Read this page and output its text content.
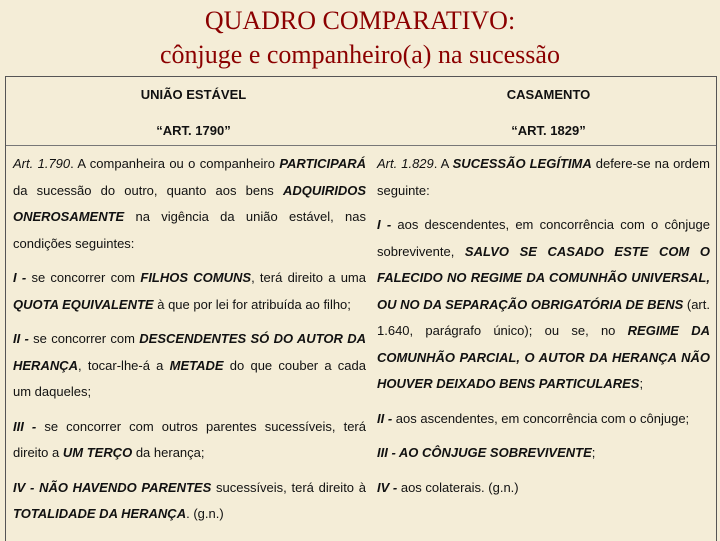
QUADRO COMPARATIVO:
cônjuge e companheiro(a) na sucessão
UNIÃO ESTÁVEL	CASAMENTO
“ART. 1790”	“ART. 1829”

Art. 1.790. A companheira ou o companheiro PARTICIPARÁ da sucessão do outro, quanto aos bens ADQUIRIDOS ONEROSAMENTE na vigência da união estável, nas condições seguintes:

I - se concorrer com FILHOS COMUNS, terá direito a uma QUOTA EQUIVALENTE à que por lei for atribuída ao filho;

II - se concorrer com DESCENDENTES SÓ DO AUTOR DA HERANÇA, tocar-lhe-á a METADE do que couber a cada um daqueles;

III - se concorrer com outros parentes sucessíveis, terá direito a UM TERÇO da herança;

IV - NÃO HAVENDO PARENTES sucessíveis, terá direito à TOTALIDADE DA HERANÇA. (g.n.)

Art. 1.829. A SUCESSÃO LEGÍTIMA defere-se na ordem seguinte:

I - aos descendentes, em concorrência com o cônjuge sobrevivente, SALVO SE CASADO ESTE COM O FALECIDO NO REGIME DA COMUNHÃO UNIVERSAL, OU NO DA SEPARAÇÃO OBRIGATÓRIA DE BENS (art. 1.640, parágrafo único); ou se, no REGIME DA COMUNHÃO PARCIAL, O AUTOR DA HERANÇA NÃO HOUVER DEIXADO BENS PARTICULARES;

II - aos ascendentes, em concorrência com o cônjuge;

III - AO CÔNJUGE SOBREVIVENTE;

IV - aos colaterais. (g.n.)
